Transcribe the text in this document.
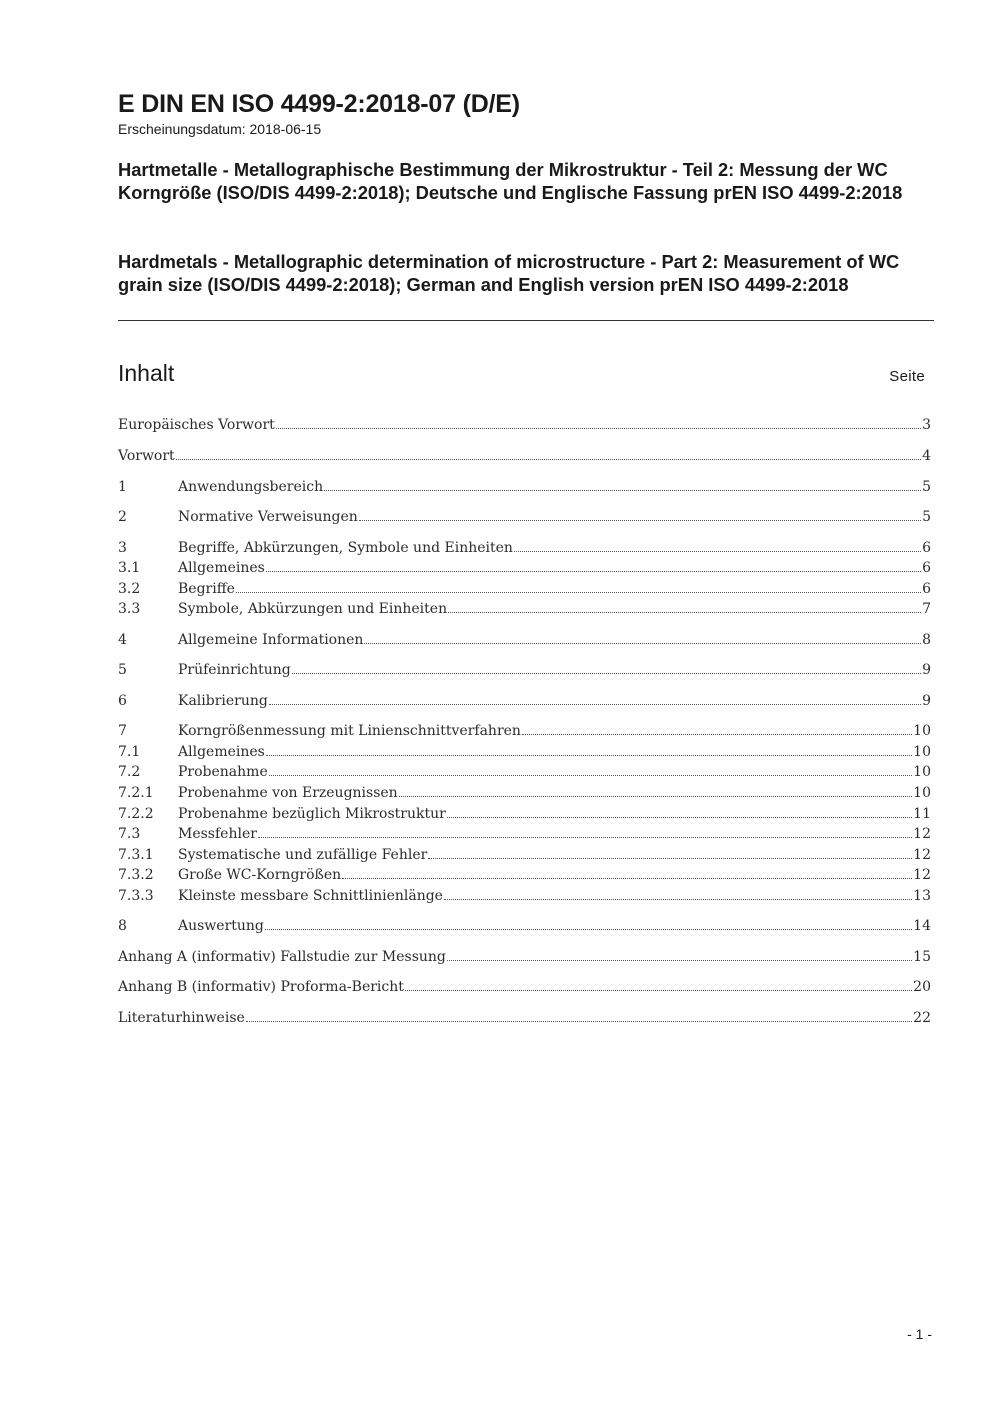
E DIN EN ISO 4499-2:2018-07 (D/E)
Erscheinungsdatum: 2018-06-15
Hartmetalle - Metallographische Bestimmung der Mikrostruktur - Teil 2: Messung der WC Korngröße (ISO/DIS 4499-2:2018); Deutsche und Englische Fassung prEN ISO 4499-2:2018
Hardmetals - Metallographic determination of microstructure - Part 2: Measurement of WC grain size (ISO/DIS 4499-2:2018); German and English version prEN ISO 4499-2:2018
Inhalt	Seite
Europäisches Vorwort	3
Vorwort	4
1	Anwendungsbereich	5
2	Normative Verweisungen	5
3	Begriffe, Abkürzungen, Symbole und Einheiten	6
3.1	Allgemeines	6
3.2	Begriffe	6
3.3	Symbole, Abkürzungen und Einheiten	7
4	Allgemeine Informationen	8
5	Prüfeinrichtung	9
6	Kalibrierung	9
7	Korngrößenmessung mit Linienschnittverfahren	10
7.1	Allgemeines	10
7.2	Probenahme	10
7.2.1	Probenahme von Erzeugnissen	10
7.2.2	Probenahme bezüglich Mikrostruktur	11
7.3	Messfehler	12
7.3.1	Systematische und zufällige Fehler	12
7.3.2	Große WC-Korngrößen	12
7.3.3	Kleinste messbare Schnittlinienlänge	13
8	Auswertung	14
Anhang A (informativ) Fallstudie zur Messung	15
Anhang B (informativ) Proforma-Bericht	20
Literaturhinweise	22
- 1 -
